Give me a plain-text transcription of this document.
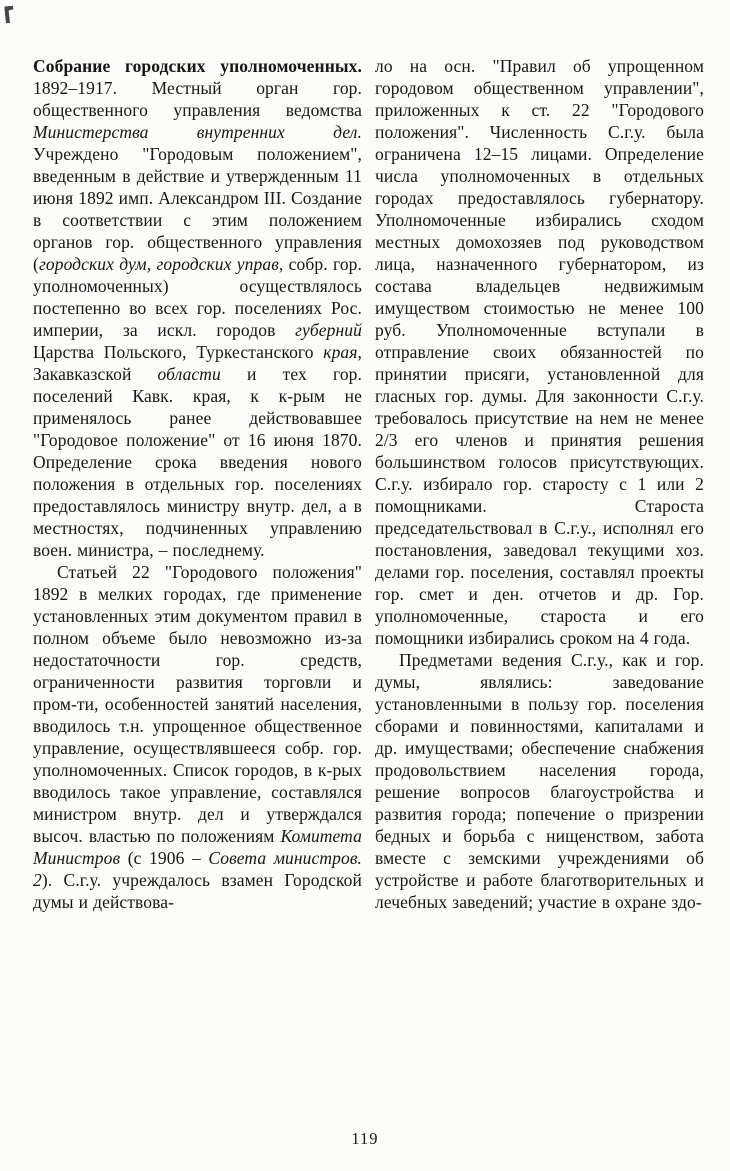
Собрание городских уполномоченных. 1892–1917. Местный орган гор. общественного управления ведомства Министерства внутренних дел. Учреждено "Городовым положением", введенным в действие и утвержденным 11 июня 1892 имп. Александром III. Создание в соответствии с этим положением органов гор. общественного управления (городских дум, городских управ, собр. гор. уполномоченных) осуществлялось постепенно во всех гор. поселениях Рос. империи, за искл. городов губерний Царства Польского, Туркестанского края, Закавказской области и тех гор. поселений Кавк. края, к к-рым не применялось ранее действовавшее "Городовое положение" от 16 июня 1870. Определение срока введения нового положения в отдельных гор. поселениях предоставлялось министру внутр. дел, а в местностях, подчиненных управлению воен. министра, – последнему.

Статьей 22 "Городового положения" 1892 в мелких городах, где применение установленных этим документом правил в полном объеме было невозможно из-за недостаточности гор. средств, ограниченности развития торговли и пром-ти, особенностей занятий населения, вводилось т.н. упрощенное общественное управление, осуществлявшееся собр. гор. уполномоченных. Список городов, в к-рых вводилось такое управление, составлялся министром внутр. дел и утверждался высоч. властью по положениям Комитета Министров (с 1906 – Совета министров. 2). С.г.у. учреждалось взамен Городской думы и действова-

ло на осн. "Правил об упрощенном городовом общественном управлении", приложенных к ст. 22 "Городового положения". Численность С.г.у. была ограничена 12–15 лицами. Определение числа уполномоченных в отдельных городах предоставлялось губернатору. Уполномоченные избирались сходом местных домохозяев под руководством лица, назначенного губернатором, из состава владельцев недвижимым имуществом стоимостью не менее 100 руб. Уполномоченные вступали в отправление своих обязанностей по принятии присяги, установленной для гласных гор. думы. Для законности С.г.у. требовалось присутствие на нем не менее 2/3 его членов и принятия решения большинством голосов присутствующих. С.г.у. избирало гор. старосту с 1 или 2 помощниками. Староста председательствовал в С.г.у., исполнял его постановления, заведовал текущими хоз. делами гор. поселения, составлял проекты гор. смет и ден. отчетов и др. Гор. уполномоченные, староста и его помощники избирались сроком на 4 года.

Предметами ведения С.г.у., как и гор. думы, являлись: заведование установленными в пользу гор. поселения сборами и повинностями, капиталами и др. имуществами; обеспечение снабжения продовольствием населения города, решение вопросов благоустройства и развития города; попечение о призрении бедных и борьба с нищенством, забота вместе с земскими учреждениями об устройстве и работе благотворительных и лечебных заведений; участие в охране здо-

119
